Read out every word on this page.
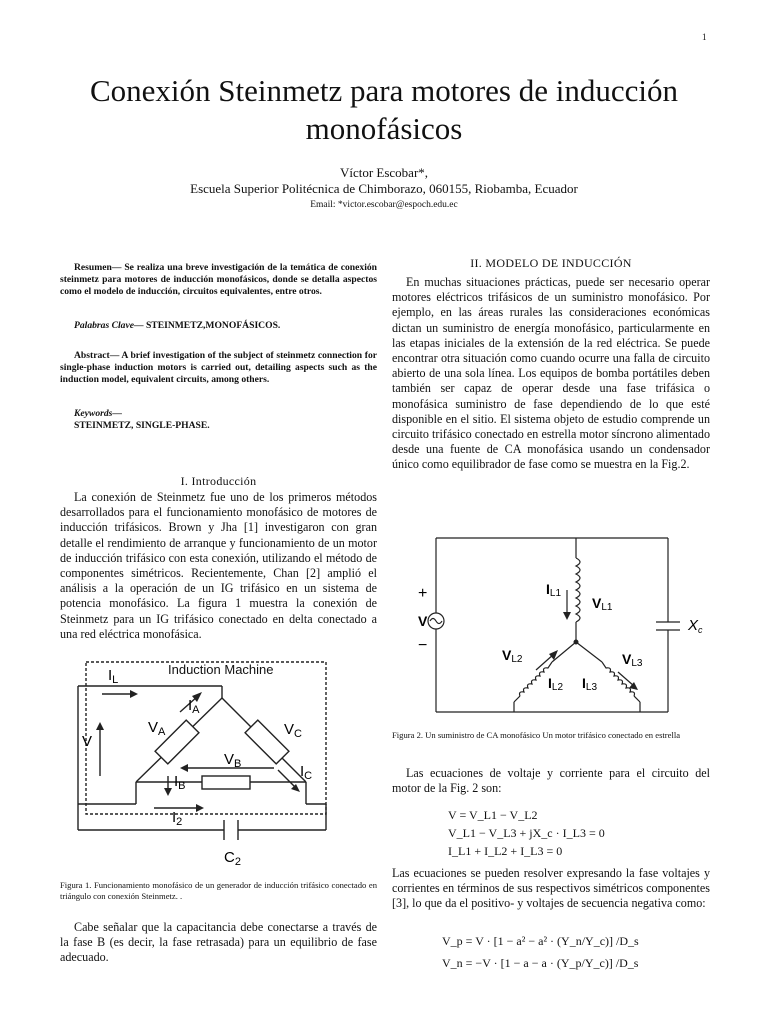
1
Conexión Steinmetz para motores de inducción monofásicos
Víctor Escobar*,
Escuela Superior Politécnica de Chimborazo, 060155, Riobamba, Ecuador
Email: *victor.escobar@espoch.edu.ec

Resumen— Se realiza una breve investigación de la temática de conexión steinmetz para motores de inducción monofásicos, donde se detalla aspectos como el modelo de inducción, circuitos equivalentes, entre otros.

Palabras Clave— STEINMETZ,MONOFÁSICOS.

Abstract— A brief investigation of the subject of steinmetz connection for single-phase induction motors is carried out, detailing aspects such as the induction model, equivalent circuits, among others.

Keywords—

STEINMETZ, SINGLE-PHASE.

I. Introducción

La conexión de Steinmetz fue uno de los primeros métodos desarrollados para el funcionamiento monofásico de motores de inducción trifásicos. Brown y Jha [1] investigaron con gran detalle el rendimiento de arranque y funcionamiento de un motor de inducción trifásico con esta conexión, utilizando el método de componentes simétricos. Recientemente, Chan [2] amplió el análisis a la operación de un IG trifásico en un sistema de potencia monofásico. La figura 1 muestra la conexión de Steinmetz para un IG trifásico conectado en delta conectado a una red eléctrica monofásica.

Induction Machine
$I_L$
V
$I_A$
$V_A$	$V_C$
$V_B$
$I_B$
$I_C$
$I_2$
$C_2$
Figura 1. Funcionamiento monofásico de un generador de inducción trifásico conectado en triángulo con conexión Steinmetz. .

Cabe señalar que la capacitancia debe conectarse a través de la fase B (es decir, la fase retrasada) para un equilibrio de fase adecuado.

II. MODELO DE INDUCCIÓN

En muchas situaciones prácticas, puede ser necesario operar motores eléctricos trifásicos de un suministro monofásico. Por ejemplo, en las áreas rurales las consideraciones económicas dictan un suministro de energía monofásico, particularmente en las etapas iniciales de la extensión de la red eléctrica. Se puede encontrar otra situación como cuando ocurre una falla de circuito abierto de una sola línea. Los equipos de bomba portátiles deben también ser capaz de operar desde una fase trifásica o monofásica suministro de fase dependiendo de lo que esté disponible en el sitio. El sistema objeto de estudio comprende un circuito trifásico conectado en estrella motor síncrono alimentado desde una fuente de CA monofásica usando un condensador único como equilibrador de fase como se muestra en la Fig.2.

+
V
−
IL1
VL1
VL2	VL3
IL2 IL3
$X_c$
Figura 2. Un suministro de CA monofásico Un motor trifásico conectado en estrella

Las ecuaciones de voltaje y corriente para el circuito del motor de la Fig. 2 son:

V = V_L1 − V_L2
V_L1 − V_L3 + jX_c · I_L3 = 0
I_L1 + I_L2 + I_L3 = 0

Las ecuaciones se pueden resolver expresando la fase voltajes y corrientes en términos de sus respectivos simétricos componentes [3], lo que da el positivo- y voltajes de secuencia negativa como:

V_p = V · [1 − a² − a² · (Y_n/Y_c)] /D_s
V_n = −V · [1 − a − a · (Y_p/Y_c)] /D_s
